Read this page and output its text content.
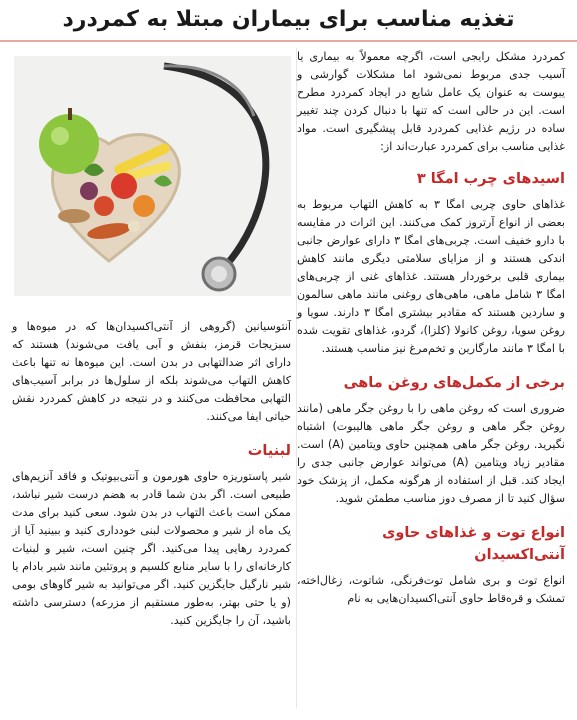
تغذیه مناسب برای بیماران مبتلا به کمردرد

کمردرد مشکل رایجی است، اگرچه معمولاً به بیماری یا آسیب جدی مربوط نمی‌شود اما مشکلات گوارشی و یبوست به عنوان یک عامل شایع در ایجاد کمردرد مطرح است. این در حالی است که تنها با دنبال کردن چند تغییر ساده در رژیم غذایی کمردرد قابل پیشگیری است. مواد غذایی مناسب برای کمردرد عبارت‌اند از:

اسیدهای چرب امگا ۳

غذاهای حاوی چربی امگا ۳ به کاهش التهاب مربوط به بعضی از انواع آرتروز کمک می‌کنند. این اثرات در مقایسه با دارو خفیف است. چربی‌های امگا ۳ دارای عوارض جانبی اندکی هستند و از مزایای سلامتی دیگری مانند کاهش بیماری قلبی برخوردار هستند. غذاهای غنی از چربی‌های امگا ۳ شامل ماهی، ماهی‌های روغنی مانند ماهی سالمون و ساردین هستند که مقادیر بیشتری امگا ۳ دارند. سویا و روغن سویا، روغن کانولا (کلزا)، گردو، غذاهای تقویت شده با امگا ۳ مانند مارگارین و تخم‌مرغ نیز مناسب هستند.

برخی از مکمل‌های روغن ماهی

ضروری است که روغن ماهی را با روغن جگر ماهی (مانند روغن جگر ماهی و روغن جگر ماهی هالیبوت) اشتباه نگیرید. روغن جگر ماهی همچنین حاوی ویتامین (A) است. مقادیر زیاد ویتامین (A) می‌تواند عوارض جانبی جدی را ایجاد کند. قبل از استفاده از هرگونه مکمل، از پزشک خود سؤال کنید تا از مصرف دوز مناسب مطمئن شوید.

انواع توت و غذاهای حاوی آنتی‌اکسیدان

انواع توت و بری شامل توت‌فرنگی، شاتوت، زغال‌اخته، تمشک و قره‌قاط حاوی آنتی‌اکسیدان‌هایی به نام

آنتوسیانین (گروهی از آنتی‌اکسیدان‌ها که در میوه‌ها و سبزیجات قرمز، بنفش و آبی یافت می‌شوند) هستند که دارای اثر ضدالتهابی در بدن است. این میوه‌ها نه تنها باعث کاهش التهاب می‌شوند بلکه از سلول‌ها در برابر آسیب‌های التهابی محافظت می‌کنند و در نتیجه در کاهش کمردرد نقش حیاتی ایفا می‌کنند.

لبنیات

شیر پاستوریزه حاوی هورمون و آنتی‌بیوتیک و فاقد آنزیم‌های طبیعی است. اگر بدن شما قادر به هضم درست شیر نباشد، ممکن است باعث التهاب در بدن شود. سعی کنید برای مدت یک ماه از شیر و محصولات لبنی خودداری کنید و ببینید آیا از کمردرد رهایی پیدا می‌کنید. اگر چنین است، شیر و لبنیات کارخانه‌ای را با سایر منابع کلسیم و پروتئین مانند شیر بادام یا شیر نارگیل جایگزین کنید. اگر می‌توانید به شیر گاوهای بومی (و یا حتی بهتر، به‌طور مستقیم از مزرعه) دسترسی داشته باشید، آن را جایگزین کنید.
